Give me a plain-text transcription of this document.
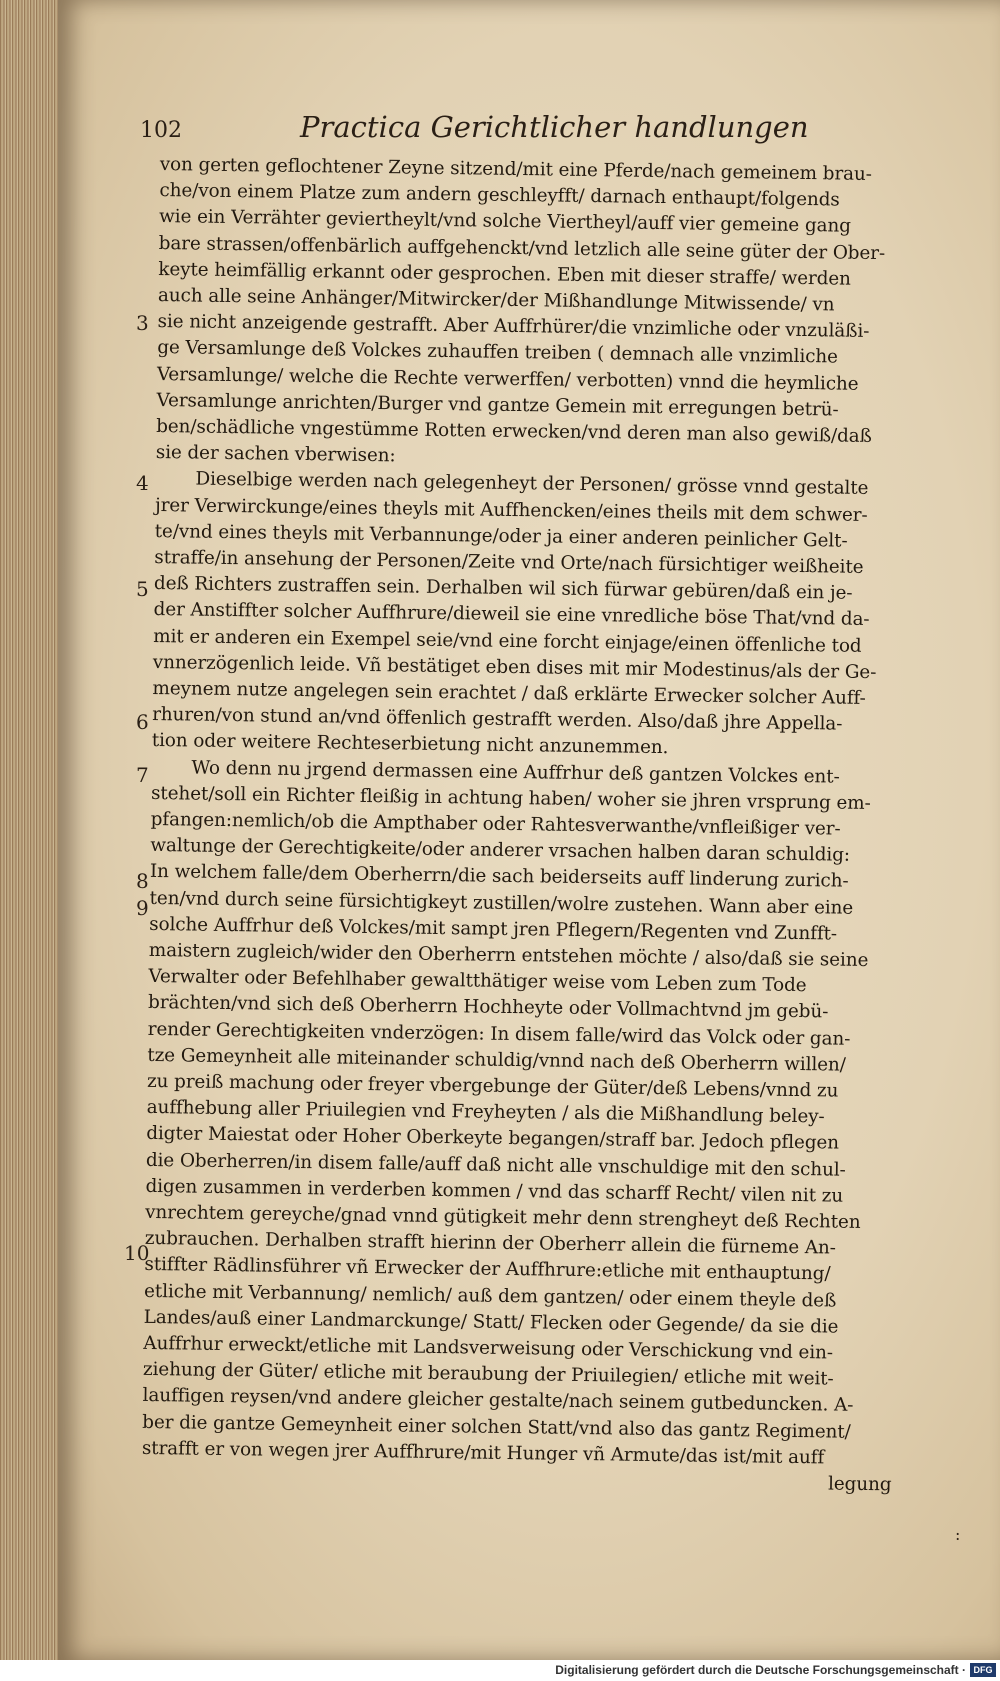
102	Practica Gerichtlicher handlungen
3
4
5
6
7
8
9
10
von gerten geflochtener Zeyne sitzend/mit eine Pferde/nach gemeinem brau-
che/von einem Platze zum andern geschleyfft/ darnach enthaupt/folgends
wie ein Verrähter geviertheylt/vnd solche Viertheyl/auff vier gemeine gang
bare strassen/offenbärlich auffgehenckt/vnd letzlich alle seine güter der Ober-
keyte heimfällig erkannt oder gesprochen. Eben mit dieser straffe/ werden
auch alle seine Anhänger/Mitwircker/der Mißhandlunge Mitwissende/ vn
sie nicht anzeigende gestrafft. Aber Auffrhürer/die vnzimliche oder vnzuläßi-
ge Versamlunge deß Volckes zuhauffen treiben ( demnach alle vnzimliche
Versamlunge/ welche die Rechte verwerffen/ verbotten) vnnd die heymliche
Versamlunge anrichten/Burger vnd gantze Gemein mit erregungen betrü-
ben/schädliche vngestümme Rotten erwecken/vnd deren man also gewiß/daß
sie der sachen vberwisen:
Dieselbige werden nach gelegenheyt der Personen/ grösse vnnd gestalte
jrer Verwirckunge/eines theyls mit Auffhencken/eines theils mit dem schwer-
te/vnd eines theyls mit Verbannunge/oder ja einer anderen peinlicher Gelt-
straffe/in ansehung der Personen/Zeite vnd Orte/nach fürsichtiger weißheite
deß Richters zustraffen sein. Derhalben wil sich fürwar gebüren/daß ein je-
der Anstiffter solcher Auffhrure/dieweil sie eine vnredliche böse That/vnd da-
mit er anderen ein Exempel seie/vnd eine forcht einjage/einen öffenliche tod
vnnerzögenlich leide. Vñ bestätiget eben dises mit mir Modestinus/als der Ge-
meynem nutze angelegen sein erachtet / daß erklärte Erwecker solcher Auff-
rhuren/von stund an/vnd öffenlich gestrafft werden. Also/daß jhre Appella-
tion oder weitere Rechteserbietung nicht anzunemmen.
Wo denn nu jrgend dermassen eine Auffrhur deß gantzen Volckes ent-
stehet/soll ein Richter fleißig in achtung haben/ woher sie jhren vrsprung em-
pfangen:nemlich/ob die Ampthaber oder Rahtesverwanthe/vnfleißiger ver-
waltunge der Gerechtigkeite/oder anderer vrsachen halben daran schuldig:
In welchem falle/dem Oberherrn/die sach beiderseits auff linderung zurich-
ten/vnd durch seine fürsichtigkeyt zustillen/wolre zustehen. Wann aber eine
solche Auffrhur deß Volckes/mit sampt jren Pflegern/Regenten vnd Zunfft-
maistern zugleich/wider den Oberherrn entstehen möchte / also/daß sie seine
Verwalter oder Befehlhaber gewaltthätiger weise vom Leben zum Tode
brächten/vnd sich deß Oberherrn Hochheyte oder Vollmachtvnd jm gebü-
render Gerechtigkeiten vnderzögen: In disem falle/wird das Volck oder gan-
tze Gemeynheit alle miteinander schuldig/vnnd nach deß Oberherrn willen/
zu preiß machung oder freyer vbergebunge der Güter/deß Lebens/vnnd zu
auffhebung aller Priuilegien vnd Freyheyten / als die Mißhandlung beley-
digter Maiestat oder Hoher Oberkeyte begangen/straff bar. Jedoch pflegen
die Oberherren/in disem falle/auff daß nicht alle vnschuldige mit den schul-
digen zusammen in verderben kommen / vnd das scharff Recht/ vilen nit zu
vnrechtem gereyche/gnad vnnd gütigkeit mehr denn strengheyt deß Rechten
zubrauchen. Derhalben strafft hierinn der Oberherr allein die fürneme An-
stiffter Rädlinsführer vñ Erwecker der Auffhrure:etliche mit enthauptung/
etliche mit Verbannung/ nemlich/ auß dem gantzen/ oder einem theyle deß
Landes/auß einer Landmarckunge/ Statt/ Flecken oder Gegende/ da sie die
Auffrhur erweckt/etliche mit Landsverweisung oder Verschickung vnd ein-
ziehung der Güter/ etliche mit beraubung der Priuilegien/ etliche mit weit-
lauffigen reysen/vnd andere gleicher gestalte/nach seinem gutbeduncken. A-
ber die gantze Gemeynheit einer solchen Statt/vnd also das gantz Regiment/
strafft er von wegen jrer Auffhrure/mit Hunger vñ Armute/das ist/mit auff
legung
:
Digitalisierung gefördert durch die Deutsche Forschungsgemeinschaft · DFG
